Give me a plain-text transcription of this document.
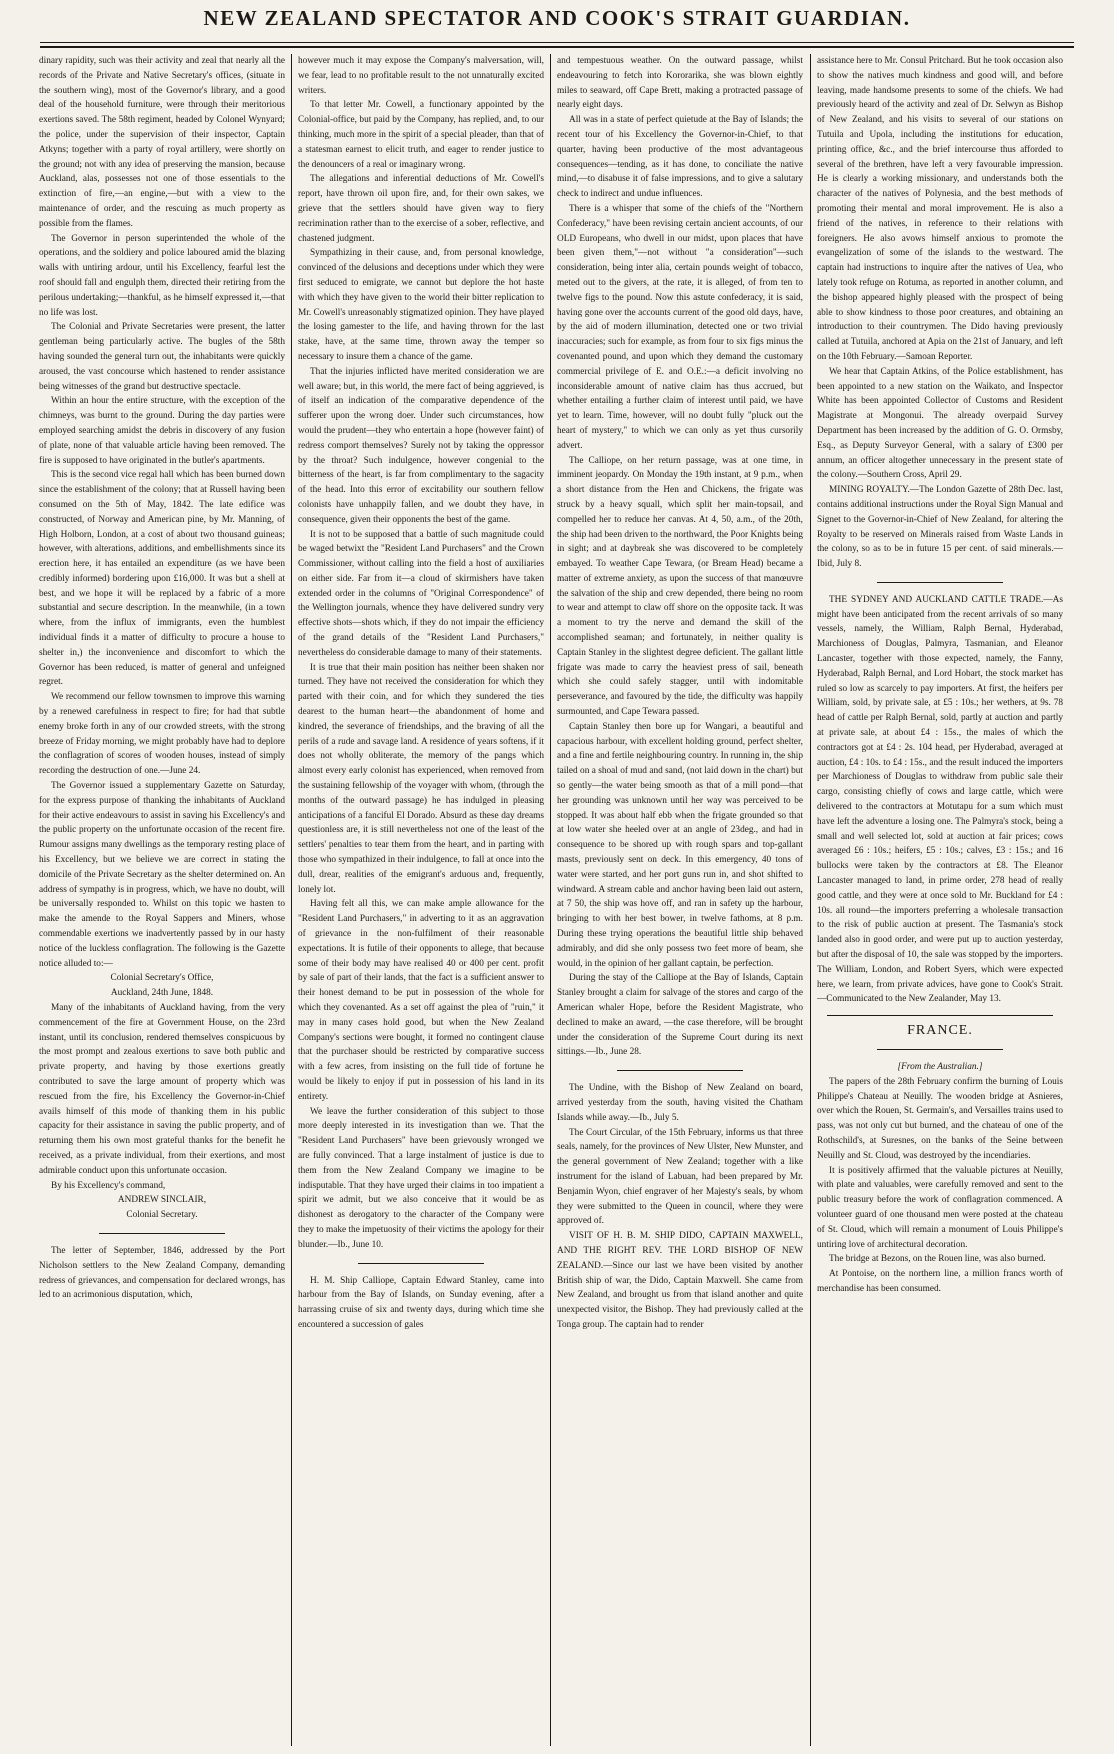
NEW ZEALAND SPECTATOR AND COOK'S STRAIT GUARDIAN.

dinary rapidity, such was their activity and zeal that nearly all the records of the Private and Native Secretary's offices, (situate in the southern wing), most of the Governor's library, and a good deal of the household furniture, were through their meritorious exertions saved. The 58th regiment, headed by Colonel Wynyard; the police, under the supervision of their inspector, Captain Atkyns; together with a party of royal artillery, were shortly on the ground; not with any idea of preserving the mansion, because Auckland, alas, possesses not one of those essentials to the extinction of fire,—an engine,—but with a view to the maintenance of order, and the rescuing as much property as possible from the flames.

The Governor in person superintended the whole of the operations, and the soldiery and police laboured amid the blazing walls with untiring ardour, until his Excellency, fearful lest the roof should fall and engulph them, directed their retiring from the perilous undertaking;—thankful, as he himself expressed it,—that no life was lost.

The Colonial and Private Secretaries were present, the latter gentleman being particularly active. The bugles of the 58th having sounded the general turn out, the inhabitants were quickly aroused, the vast concourse which hastened to render assistance being witnesses of the grand but destructive spectacle.

Within an hour the entire structure, with the exception of the chimneys, was burnt to the ground. During the day parties were employed searching amidst the debris in discovery of any fusion of plate, none of that valuable article having been removed. The fire is supposed to have originated in the butler's apartments.

This is the second vice regal hall which has been burned down since the establishment of the colony; that at Russell having been consumed on the 5th of May, 1842. The late edifice was constructed, of Norway and American pine, by Mr. Manning, of High Holborn, London, at a cost of about two thousand guineas; however, with alterations, additions, and embellishments since its erection here, it has entailed an expenditure (as we have been credibly informed) bordering upon £16,000. It was but a shell at best, and we hope it will be replaced by a fabric of a more substantial and secure description. In the meanwhile, (in a town where, from the influx of immigrants, even the humblest individual finds it a matter of difficulty to procure a house to shelter in,) the inconvenience and discomfort to which the Governor has been reduced, is matter of general and unfeigned regret.

We recommend our fellow townsmen to improve this warning by a renewed carefulness in respect to fire; for had that subtle enemy broke forth in any of our crowded streets, with the strong breeze of Friday morning, we might probably have had to deplore the conflagration of scores of wooden houses, instead of simply recording the destruction of one.—June 24.

The Governor issued a supplementary Gazette on Saturday, for the express purpose of thanking the inhabitants of Auckland for their active endeavours to assist in saving his Excellency's and the public property on the unfortunate occasion of the recent fire. Rumour assigns many dwellings as the temporary resting place of his Excellency, but we believe we are correct in stating the domicile of the Private Secretary as the shelter determined on. An address of sympathy is in progress, which, we have no doubt, will be universally responded to. Whilst on this topic we hasten to make the amende to the Royal Sappers and Miners, whose commendable exertions we inadvertently passed by in our hasty notice of the luckless conflagration. The following is the Gazette notice alluded to:—

Colonial Secretary's Office,

Auckland, 24th June, 1848.

Many of the inhabitants of Auckland having, from the very commencement of the fire at Government House, on the 23rd instant, until its conclusion, rendered themselves conspicuous by the most prompt and zealous exertions to save both public and private property, and having by those exertions greatly contributed to save the large amount of property which was rescued from the fire, his Excellency the Governor-in-Chief avails himself of this mode of thanking them in his public capacity for their assistance in saving the public property, and of returning them his own most grateful thanks for the benefit he received, as a private individual, from their exertions, and most admirable conduct upon this unfortunate occasion.

By his Excellency's command,

ANDREW SINCLAIR,

Colonial Secretary.

The letter of September, 1846, addressed by the Port Nicholson settlers to the New Zealand Company, demanding redress of grievances, and compensation for declared wrongs, has led to an acrimonious disputation, which,

however much it may expose the Company's malversation, will, we fear, lead to no profitable result to the not unnaturally excited writers.

To that letter Mr. Cowell, a functionary appointed by the Colonial-office, but paid by the Company, has replied, and, to our thinking, much more in the spirit of a special pleader, than that of a statesman earnest to elicit truth, and eager to render justice to the denouncers of a real or imaginary wrong.

The allegations and inferential deductions of Mr. Cowell's report, have thrown oil upon fire, and, for their own sakes, we grieve that the settlers should have given way to fiery recrimination rather than to the exercise of a sober, reflective, and chastened judgment.

Sympathizing in their cause, and, from personal knowledge, convinced of the delusions and deceptions under which they were first seduced to emigrate, we cannot but deplore the hot haste with which they have given to the world their bitter replication to Mr. Cowell's unreasonably stigmatized opinion. They have played the losing gamester to the life, and having thrown for the last stake, have, at the same time, thrown away the temper so necessary to insure them a chance of the game.

That the injuries inflicted have merited consideration we are well aware; but, in this world, the mere fact of being aggrieved, is of itself an indication of the comparative dependence of the sufferer upon the wrong doer. Under such circumstances, how would the prudent—they who entertain a hope (however faint) of redress comport themselves? Surely not by taking the oppressor by the throat? Such indulgence, however congenial to the bitterness of the heart, is far from complimentary to the sagacity of the head. Into this error of excitability our southern fellow colonists have unhappily fallen, and we doubt they have, in consequence, given their opponents the best of the game.

It is not to be supposed that a battle of such magnitude could be waged betwixt the "Resident Land Purchasers" and the Crown Commissioner, without calling into the field a host of auxiliaries on either side. Far from it—a cloud of skirmishers have taken extended order in the columns of "Original Correspondence" of the Wellington journals, whence they have delivered sundry very effective shots—shots which, if they do not impair the efficiency of the grand details of the "Resident Land Purchasers," nevertheless do considerable damage to many of their statements.

It is true that their main position has neither been shaken nor turned. They have not received the consideration for which they parted with their coin, and for which they sundered the ties dearest to the human heart—the abandonment of home and kindred, the severance of friendships, and the braving of all the perils of a rude and savage land. A residence of years softens, if it does not wholly obliterate, the memory of the pangs which almost every early colonist has experienced, when removed from the sustaining fellowship of the voyager with whom, (through the months of the outward passage) he has indulged in pleasing anticipations of a fanciful El Dorado. Absurd as these day dreams questionless are, it is still nevertheless not one of the least of the settlers' penalties to tear them from the heart, and in parting with those who sympathized in their indulgence, to fall at once into the dull, drear, realities of the emigrant's arduous and, frequently, lonely lot.

Having felt all this, we can make ample allowance for the "Resident Land Purchasers," in adverting to it as an aggravation of grievance in the non-fulfilment of their reasonable expectations. It is futile of their opponents to allege, that because some of their body may have realised 40 or 400 per cent. profit by sale of part of their lands, that the fact is a sufficient answer to their honest demand to be put in possession of the whole for which they covenanted. As a set off against the plea of "ruin," it may in many cases hold good, but when the New Zealand Company's sections were bought, it formed no contingent clause that the purchaser should be restricted by comparative success with a few acres, from insisting on the full tide of fortune he would be likely to enjoy if put in possession of his land in its entirety.

We leave the further consideration of this subject to those more deeply interested in its investigation than we. That the "Resident Land Purchasers" have been grievously wronged we are fully convinced. That a large instalment of justice is due to them from the New Zealand Company we imagine to be indisputable. That they have urged their claims in too impatient a spirit we admit, but we also conceive that it would be as dishonest as derogatory to the character of the Company were they to make the impetuosity of their victims the apology for their blunder.—Ib., June 10.

H. M. Ship Calliope, Captain Edward Stanley, came into harbour from the Bay of Islands, on Sunday evening, after a harrassing cruise of six and twenty days, during which time she encountered a succession of gales

and tempestuous weather. On the outward passage, whilst endeavouring to fetch into Kororarika, she was blown eightly miles to seaward, off Cape Brett, making a protracted passage of nearly eight days.

All was in a state of perfect quietude at the Bay of Islands; the recent tour of his Excellency the Governor-in-Chief, to that quarter, having been productive of the most advantageous consequences—tending, as it has done, to conciliate the native mind,—to disabuse it of false impressions, and to give a salutary check to indirect and undue influences.

There is a whisper that some of the chiefs of the "Northern Confederacy," have been revising certain ancient accounts, of our OLD Europeans, who dwell in our midst, upon places that have been given them,"—not without "a consideration"—such consideration, being inter alia, certain pounds weight of tobacco, meted out to the givers, at the rate, it is alleged, of from ten to twelve figs to the pound. Now this astute confederacy, it is said, having gone over the accounts current of the good old days, have, by the aid of modern illumination, detected one or two trivial inaccuracies; such for example, as from four to six figs minus the covenanted pound, and upon which they demand the customary commercial privilege of E. and O.E.:—a deficit involving no inconsiderable amount of native claim has thus accrued, but whether entailing a further claim of interest until paid, we have yet to learn. Time, however, will no doubt fully "pluck out the heart of mystery," to which we can only as yet thus cursorily advert.

The Calliope, on her return passage, was at one time, in imminent jeopardy. On Monday the 19th instant, at 9 p.m., when a short distance from the Hen and Chickens, the frigate was struck by a heavy squall, which split her main-topsail, and compelled her to reduce her canvas. At 4, 50, a.m., of the 20th, the ship had been driven to the northward, the Poor Knights being in sight; and at daybreak she was discovered to be completely embayed. To weather Cape Tewara, (or Bream Head) became a matter of extreme anxiety, as upon the success of that manœuvre the salvation of the ship and crew depended, there being no room to wear and attempt to claw off shore on the opposite tack. It was a moment to try the nerve and demand the skill of the accomplished seaman; and fortunately, in neither quality is Captain Stanley in the slightest degree deficient. The gallant little frigate was made to carry the heaviest press of sail, beneath which she could safely stagger, until with indomitable perseverance, and favoured by the tide, the difficulty was happily surmounted, and Cape Tewara passed.

Captain Stanley then bore up for Wangari, a beautiful and capacious harbour, with excellent holding ground, perfect shelter, and a fine and fertile neighbouring country. In running in, the ship tailed on a shoal of mud and sand, (not laid down in the chart) but so gently—the water being smooth as that of a mill pond—that her grounding was unknown until her way was perceived to be stopped. It was about half ebb when the frigate grounded so that at low water she heeled over at an angle of 23deg., and had in consequence to be shored up with rough spars and top-gallant masts, previously sent on deck. In this emergency, 40 tons of water were started, and her port guns run in, and shot shifted to windward. A stream cable and anchor having been laid out astern, at 7 50, the ship was hove off, and ran in safety up the harbour, bringing to with her best bower, in twelve fathoms, at 8 p.m. During these trying operations the beautiful little ship behaved admirably, and did she only possess two feet more of beam, she would, in the opinion of her gallant captain, be perfection.

During the stay of the Calliope at the Bay of Islands, Captain Stanley brought a claim for salvage of the stores and cargo of the American whaler Hope, before the Resident Magistrate, who declined to make an award, —the case therefore, will be brought under the consideration of the Supreme Court during its next sittings.—Ib., June 28.

The Undine, with the Bishop of New Zealand on board, arrived yesterday from the south, having visited the Chatham Islands while away.—Ib., July 5.

The Court Circular, of the 15th February, informs us that three seals, namely, for the provinces of New Ulster, New Munster, and the general government of New Zealand; together with a like instrument for the island of Labuan, had been prepared by Mr. Benjamin Wyon, chief engraver of her Majesty's seals, by whom they were submitted to the Queen in council, where they were approved of.

VISIT OF H. B. M. SHIP DIDO, CAPTAIN MAXWELL, AND THE RIGHT REV. THE LORD BISHOP OF NEW ZEALAND.—Since our last we have been visited by another British ship of war, the Dido, Captain Maxwell. She came from New Zealand, and brought us from that island another and quite unexpected visitor, the Bishop. They had previously called at the Tonga group. The captain had to render

assistance here to Mr. Consul Pritchard. But he took occasion also to show the natives much kindness and good will, and before leaving, made handsome presents to some of the chiefs. We had previously heard of the activity and zeal of Dr. Selwyn as Bishop of New Zealand, and his visits to several of our stations on Tutuila and Upola, including the institutions for education, printing office, &c., and the brief intercourse thus afforded to several of the brethren, have left a very favourable impression. He is clearly a working missionary, and understands both the character of the natives of Polynesia, and the best methods of promoting their mental and moral improvement. He is also a friend of the natives, in reference to their relations with foreigners. He also avows himself anxious to promote the evangelization of some of the islands to the westward. The captain had instructions to inquire after the natives of Uea, who lately took refuge on Rotuma, as reported in another column, and the bishop appeared highly pleased with the prospect of being able to show kindness to those poor creatures, and obtaining an introduction to their countrymen. The Dido having previously called at Tutuila, anchored at Apia on the 21st of January, and left on the 10th February.—Samoan Reporter.

We hear that Captain Atkins, of the Police establishment, has been appointed to a new station on the Waikato, and Inspector White has been appointed Collector of Customs and Resident Magistrate at Mongonui. The already overpaid Survey Department has been increased by the addition of G. O. Ormsby, Esq., as Deputy Surveyor General, with a salary of £300 per annum, an officer altogether unnecessary in the present state of the colony.—Southern Cross, April 29.

MINING ROYALTY.—The London Gazette of 28th Dec. last, contains additional instructions under the Royal Sign Manual and Signet to the Governor-in-Chief of New Zealand, for altering the Royalty to be reserved on Minerals raised from Waste Lands in the colony, so as to be in future 15 per cent. of said minerals.—Ibid, July 8.

THE SYDNEY AND AUCKLAND CATTLE TRADE.—As might have been anticipated from the recent arrivals of so many vessels, namely, the William, Ralph Bernal, Hyderabad, Marchioness of Douglas, Palmyra, Tasmanian, and Eleanor Lancaster, together with those expected, namely, the Fanny, Hyderabad, Ralph Bernal, and Lord Hobart, the stock market has ruled so low as scarcely to pay importers. At first, the heifers per William, sold, by private sale, at £5 : 10s.; her wethers, at 9s. 78 head of cattle per Ralph Bernal, sold, partly at auction and partly at private sale, at about £4 : 15s., the males of which the contractors got at £4 : 2s. 104 head, per Hyderabad, averaged at auction, £4 : 10s. to £4 : 15s., and the result induced the importers per Marchioness of Douglas to withdraw from public sale their cargo, consisting chiefly of cows and large cattle, which were delivered to the contractors at Motutapu for a sum which must have left the adventure a losing one. The Palmyra's stock, being a small and well selected lot, sold at auction at fair prices; cows averaged £6 : 10s.; heifers, £5 : 10s.; calves, £3 : 15s.; and 16 bullocks were taken by the contractors at £8. The Eleanor Lancaster managed to land, in prime order, 278 head of really good cattle, and they were at once sold to Mr. Buckland for £4 : 10s. all round—the importers preferring a wholesale transaction to the risk of public auction at present. The Tasmania's stock landed also in good order, and were put up to auction yesterday, but after the disposal of 10, the sale was stopped by the importers. The William, London, and Robert Syers, which were expected here, we learn, from private advices, have gone to Cook's Strait.—Communicated to the New Zealander, May 13.

FRANCE.

[From the Australian.]

The papers of the 28th February confirm the burning of Louis Philippe's Chateau at Neuilly. The wooden bridge at Asnieres, over which the Rouen, St. Germain's, and Versailles trains used to pass, was not only cut but burned, and the chateau of one of the Rothschild's, at Suresnes, on the banks of the Seine between Neuilly and St. Cloud, was destroyed by the incendiaries.

It is positively affirmed that the valuable pictures at Neuilly, with plate and valuables, were carefully removed and sent to the public treasury before the work of conflagration commenced. A volunteer guard of one thousand men were posted at the chateau of St. Cloud, which will remain a monument of Louis Philippe's untiring love of architectural decoration.

The bridge at Bezons, on the Rouen line, was also burned.

At Pontoise, on the northern line, a million francs worth of merchandise has been consumed.
